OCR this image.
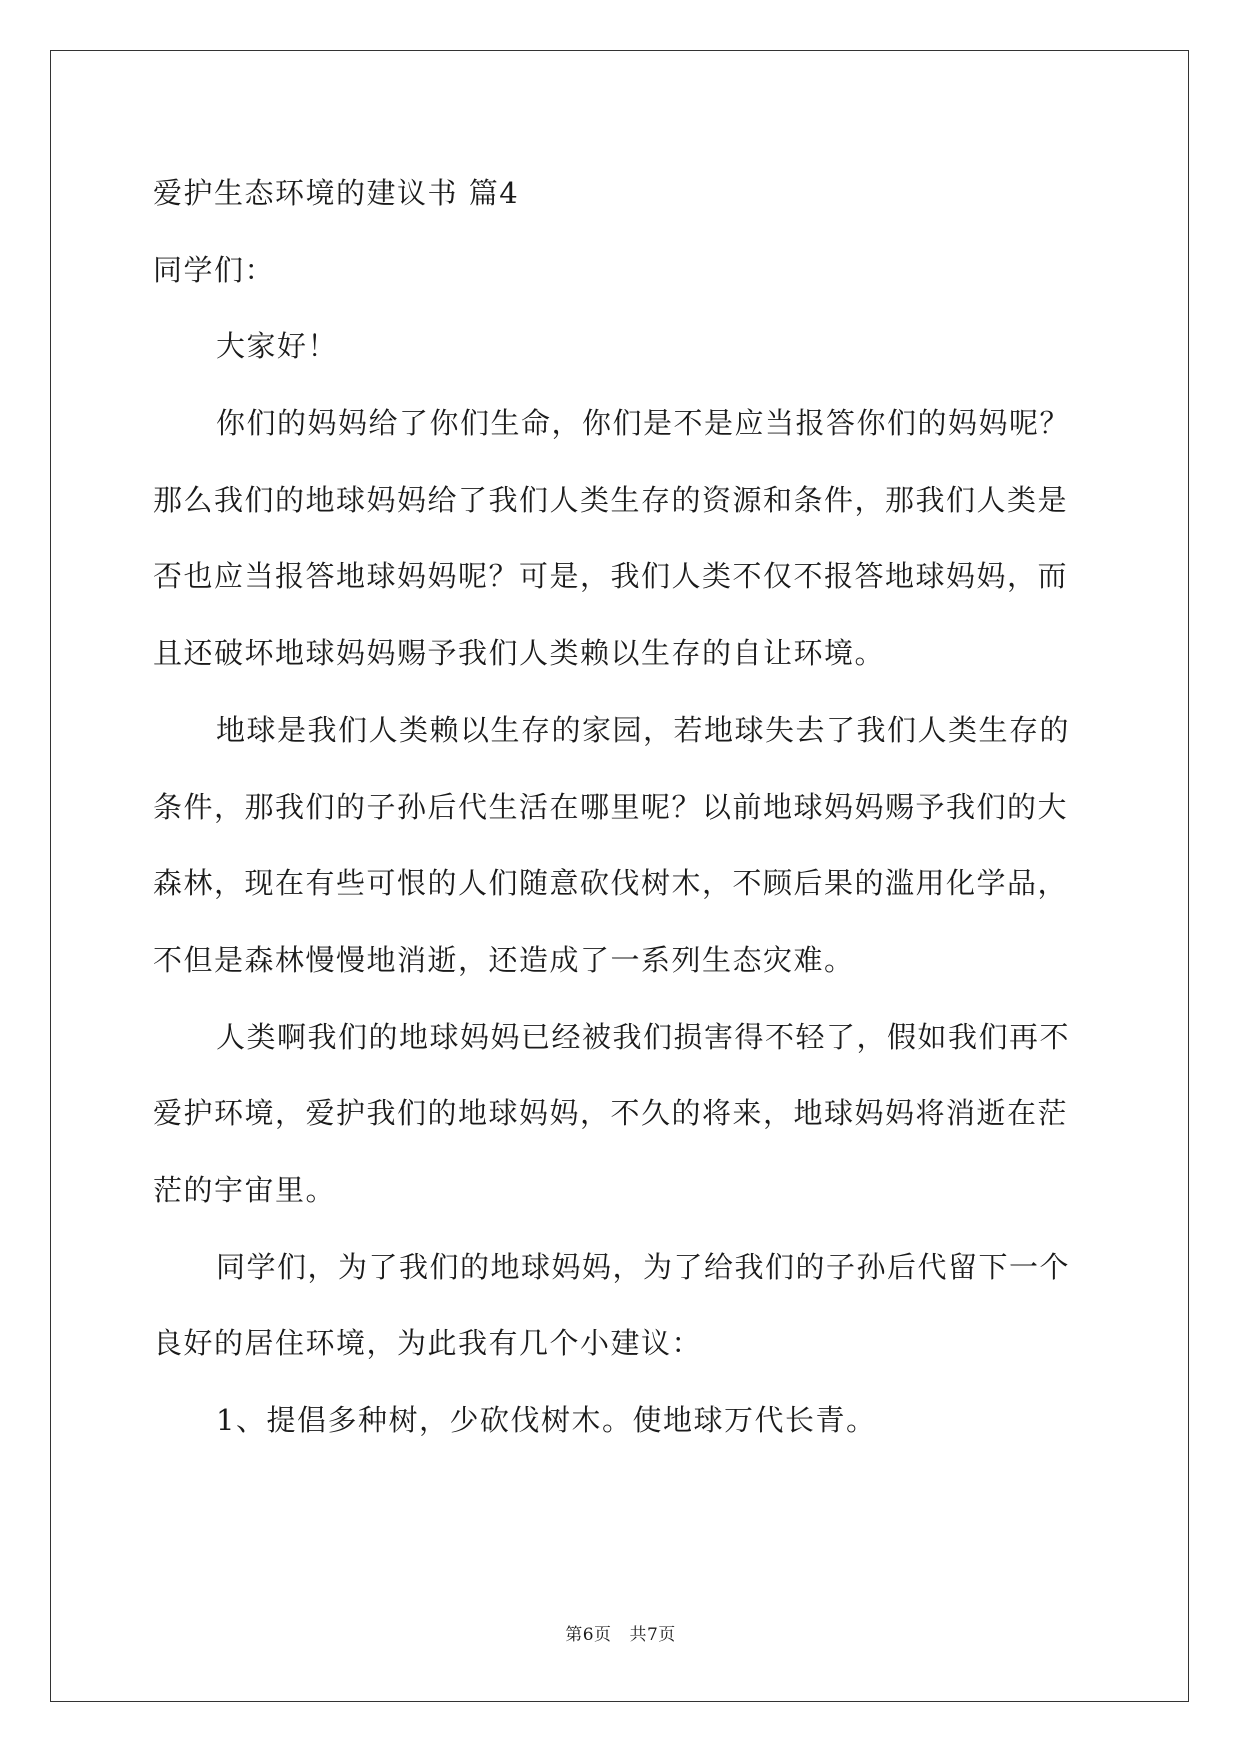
爱护生态环境的建议书 篇4

同学们：

大家好！

你们的妈妈给了你们生命，你们是不是应当报答你们的妈妈呢？

那么我们的地球妈妈给了我们人类生存的资源和条件，那我们人类是

否也应当报答地球妈妈呢？可是，我们人类不仅不报答地球妈妈，而

且还破坏地球妈妈赐予我们人类赖以生存的自让环境。

地球是我们人类赖以生存的家园，若地球失去了我们人类生存的

条件，那我们的子孙后代生活在哪里呢？以前地球妈妈赐予我们的大

森林，现在有些可恨的人们随意砍伐树木，不顾后果的滥用化学品，

不但是森林慢慢地消逝，还造成了一系列生态灾难。

人类啊我们的地球妈妈已经被我们损害得不轻了，假如我们再不

爱护环境，爱护我们的地球妈妈，不久的将来，地球妈妈将消逝在茫

茫的宇宙里。

同学们，为了我们的地球妈妈，为了给我们的子孙后代留下一个

良好的居住环境，为此我有几个小建议：

1、提倡多种树，少砍伐树木。使地球万代长青。

第6页 共7页
